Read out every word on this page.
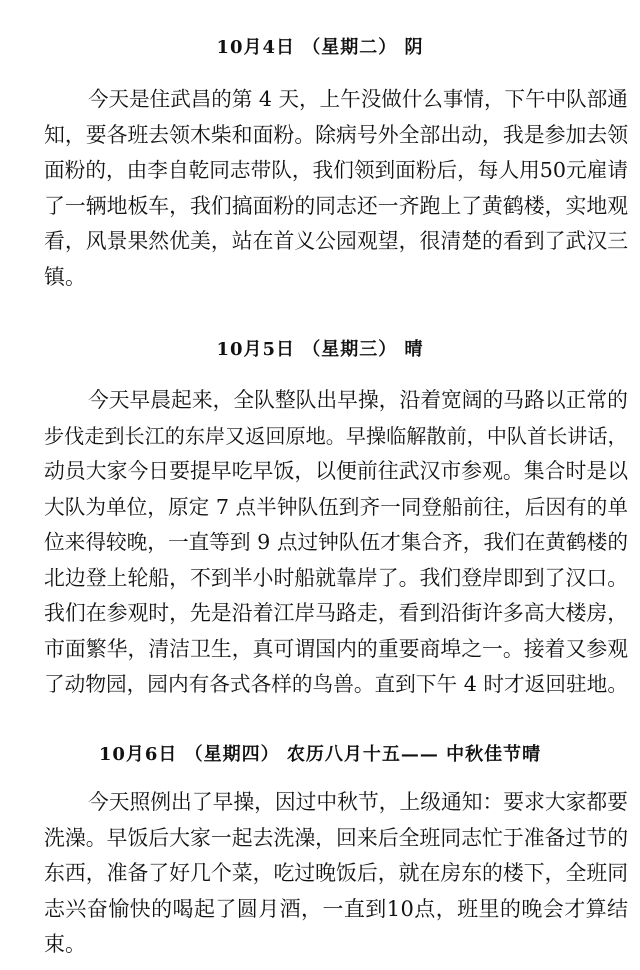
10月4日 （星期二） 阴
今天是住武昌的第 4 天，上午没做什么事情，下午中队部通
知，要各班去领木柴和面粉。除病号外全部出动，我是参加去领
面粉的，由李自乾同志带队，我们领到面粉后，每人用50元雇请
了一辆地板车，我们搞面粉的同志还一齐跑上了黄鹤楼，实地观
看，风景果然优美，站在首义公园观望，很清楚的看到了武汉三
镇。
10月5日 （星期三） 晴
今天早晨起来，全队整队出早操，沿着宽阔的马路以正常的
步伐走到长江的东岸又返回原地。早操临解散前，中队首长讲话，
动员大家今日要提早吃早饭，以便前往武汉市参观。集合时是以
大队为单位，原定 7 点半钟队伍到齐一同登船前往，后因有的单
位来得较晚，一直等到 9 点过钟队伍才集合齐，我们在黄鹤楼的
北边登上轮船，不到半小时船就靠岸了。我们登岸即到了汉口。
我们在参观时，先是沿着江岸马路走，看到沿街许多高大楼房，
市面繁华，清洁卫生，真可谓国内的重要商埠之一。接着又参观
了动物园，园内有各式各样的鸟兽。直到下午 4 时才返回驻地。
10月6日 （星期四） 农历八月十五—— 中秋佳节晴
今天照例出了早操，因过中秋节，上级通知：要求大家都要
洗澡。早饭后大家一起去洗澡，回来后全班同志忙于准备过节的
东西，准备了好几个菜，吃过晚饭后，就在房东的楼下，全班同
志兴奋愉快的喝起了圆月酒，一直到10点，班里的晚会才算结
束。
